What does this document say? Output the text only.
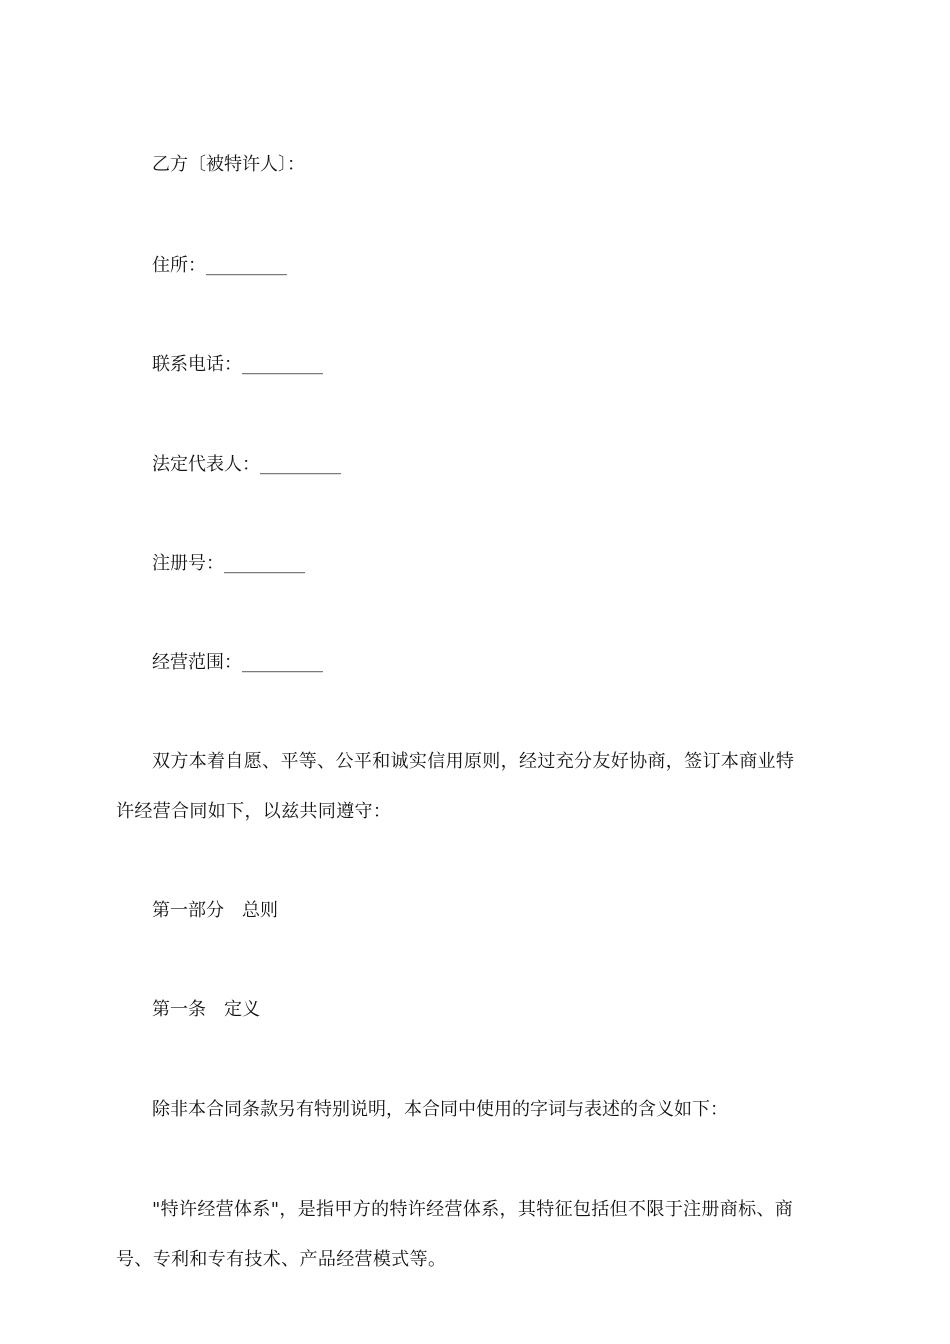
乙方〔被特许人〕：
住所：_________
联系电话：_________
法定代表人：_________
注册号：_________
经营范围：_________
双方本着自愿、平等、公平和诚实信用原则，经过充分友好协商，签订本商业特
许经营合同如下，以兹共同遵守：
第一部分　总则
第一条　定义
除非本合同条款另有特别说明，本合同中使用的字词与表述的含义如下：
"特许经营体系"，是指甲方的特许经营体系，其特征包括但不限于注册商标、商
号、专利和专有技术、产品经营模式等。
